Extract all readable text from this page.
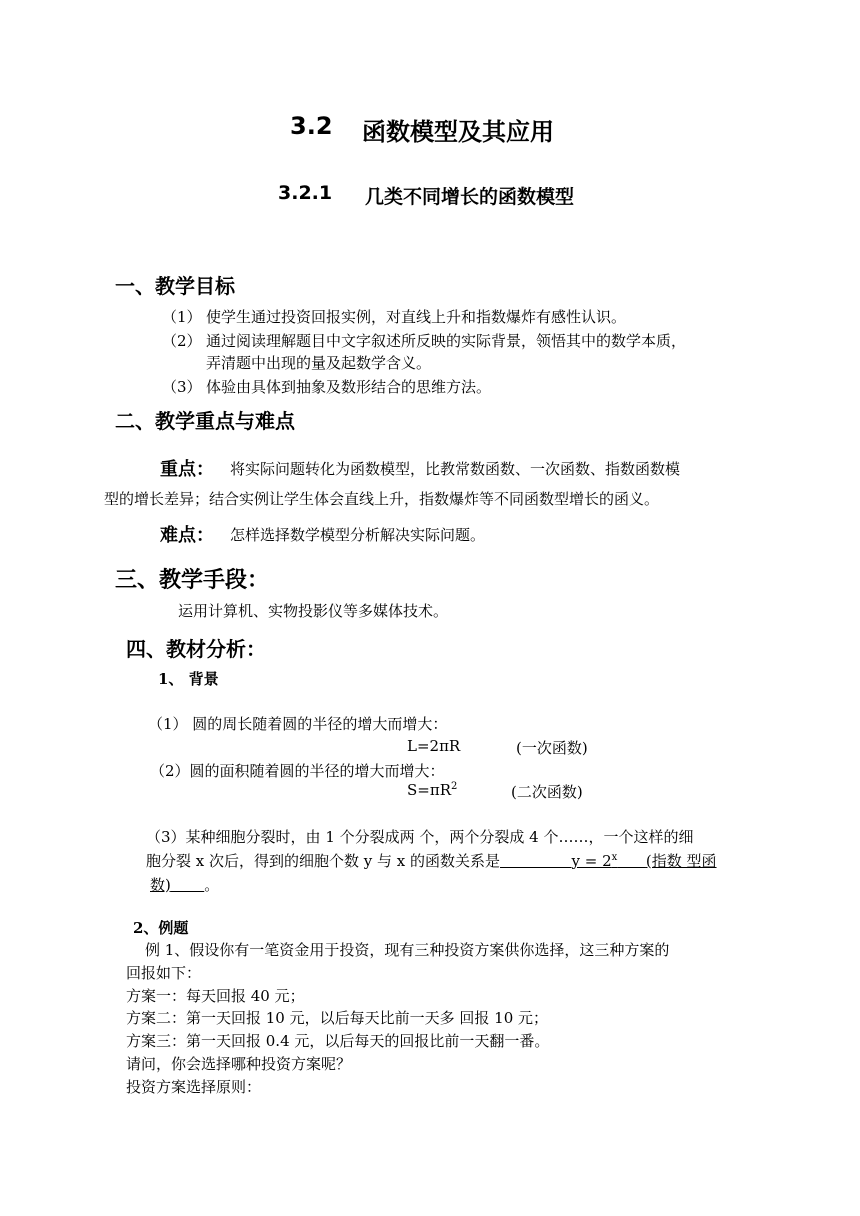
3.2 函数模型及其应用
3.2.1 几类不同增长的函数模型
一、教学目标
（1） 使学生通过投资回报实例，对直线上升和指数爆炸有感性认识。
（2） 通过阅读理解题目中文字叙述所反映的实际背景，领悟其中的数学本质，
弄清题中出现的量及起数学含义。
（3） 体验由具体到抽象及数形结合的思维方法。
二、教学重点与难点
重点： 将实际问题转化为函数模型，比教常数函数、一次函数、指数函数模
型的增长差异；结合实例让学生体会直线上升，指数爆炸等不同函数型增长的函义。
难点： 怎样选择数学模型分析解决实际问题。
三、教学手段：
运用计算机、实物投影仪等多媒体技术。
四、教材分析：
1、 背景
（1） 圆的周长随着圆的半径的增大而增大：
L=2πR	(一次函数)
（2）圆的面积随着圆的半径的增大而增大：
$S=\pi R^2$	(二次函数)
（3）某种细胞分裂时，由 1 个分裂成两 个，两个分裂成 4 个……，一个这样的细
胞分裂 x 次后，得到的细胞个数 y 与 x 的函数关系是	$y = 2^x$ (指数 型函
数) 。
2、例题
例 1、假设你有一笔资金用于投资，现有三种投资方案供你选择，这三种方案的
回报如下：
方案一：每天回报 40 元；
方案二：第一天回报 10 元，以后每天比前一天多 回报 10 元；
方案三：第一天回报 0.4 元，以后每天的回报比前一天翻一番。
请问，你会选择哪种投资方案呢？
投资方案选择原则：
